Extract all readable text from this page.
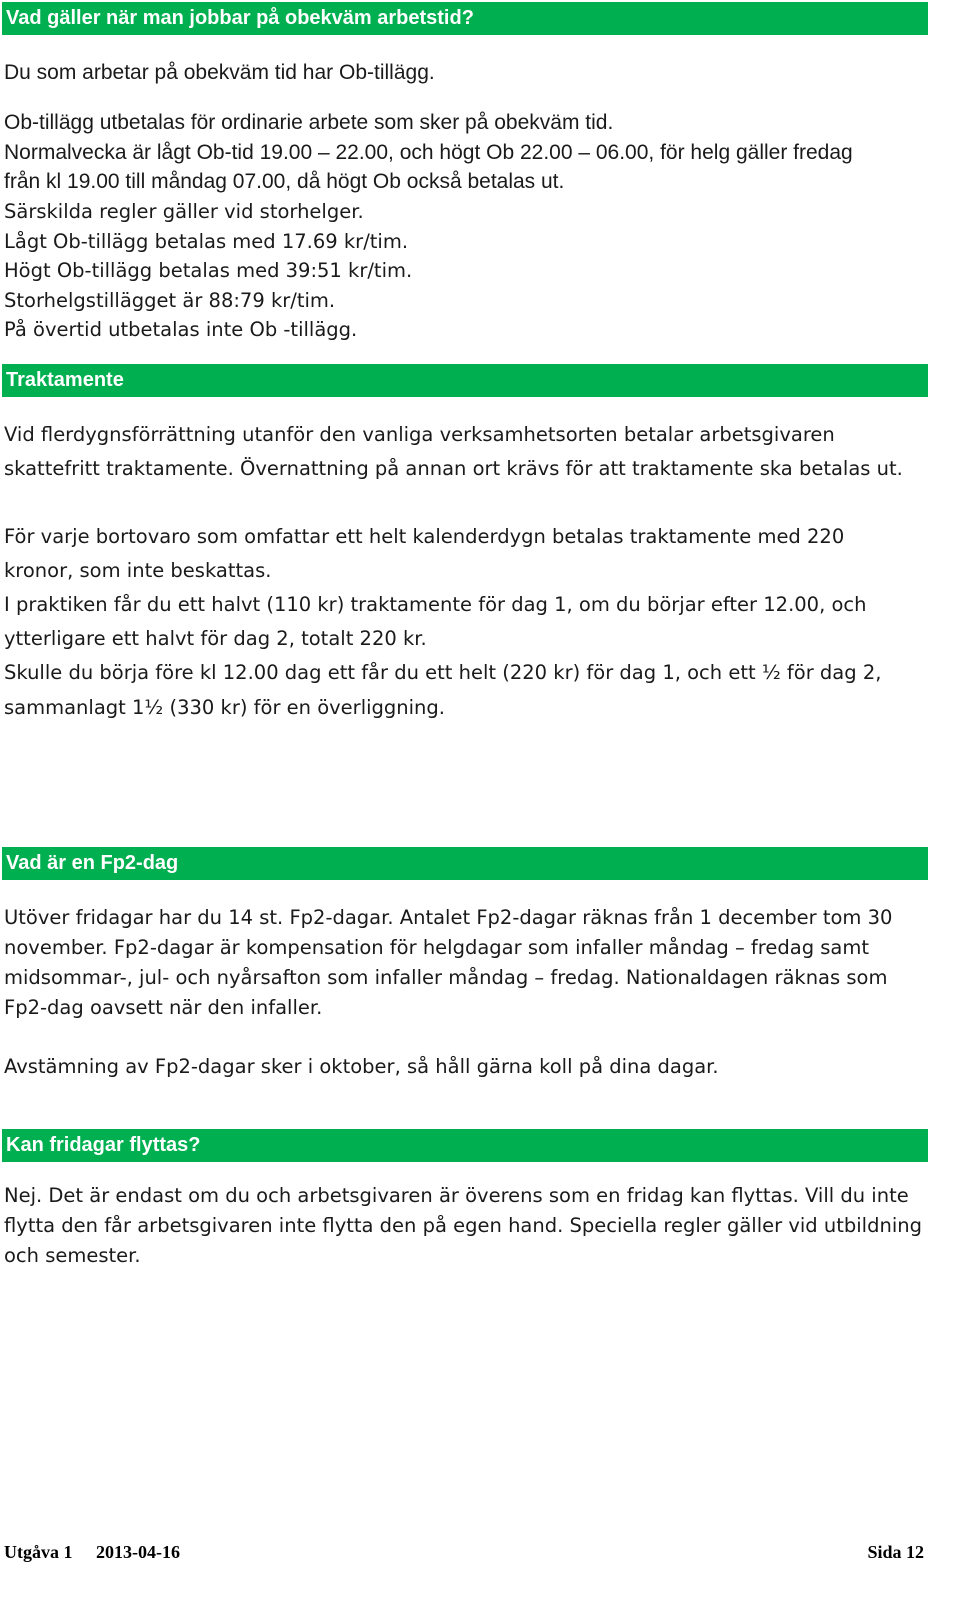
Vad gäller när man jobbar på obekväm arbetstid?
Du som arbetar på obekväm tid har Ob-tillägg.
Ob-tillägg utbetalas för ordinarie arbete som sker på obekväm tid.
Normalvecka är lågt Ob-tid 19.00 – 22.00, och högt Ob 22.00 – 06.00, för helg gäller fredag
från kl 19.00 till måndag 07.00, då högt Ob också betalas ut.
Särskilda regler gäller vid storhelger.
Lågt Ob-tillägg betalas med 17.69 kr/tim.
Högt Ob-tillägg betalas med 39:51 kr/tim.
Storhelgstillägget är 88:79 kr/tim.
På övertid utbetalas inte Ob -tillägg.
Traktamente
Vid flerdygnsförrättning utanför den vanliga verksamhetsorten betalar arbetsgivaren
skattefritt traktamente. Övernattning på annan ort krävs för att traktamente ska betalas ut.
För varje bortovaro som omfattar ett helt kalenderdygn betalas traktamente med 220
kronor, som inte beskattas.
I praktiken får du ett halvt (110 kr) traktamente för dag 1, om du börjar efter 12.00, och
ytterligare ett halvt för dag 2, totalt 220 kr.
Skulle du börja före kl 12.00 dag ett får du ett helt (220 kr) för dag 1, och ett ½ för dag 2,
sammanlagt 1½ (330 kr) för en överliggning.
Vad är en Fp2-dag
Utöver fridagar har du 14 st. Fp2-dagar. Antalet Fp2-dagar räknas från 1 december tom 30
november. Fp2-dagar är kompensation för helgdagar som infaller måndag – fredag samt
midsommar-, jul- och nyårsafton som infaller måndag – fredag. Nationaldagen räknas som
Fp2-dag oavsett när den infaller.
Avstämning av Fp2-dagar sker i oktober, så håll gärna koll på dina dagar.
Kan fridagar flyttas?
Nej. Det är endast om du och arbetsgivaren är överens som en fridag kan flyttas. Vill du inte
flytta den får arbetsgivaren inte flytta den på egen hand. Speciella regler gäller vid utbildning
och semester.
Utgåva 1 2013-04-16	Sida 12
